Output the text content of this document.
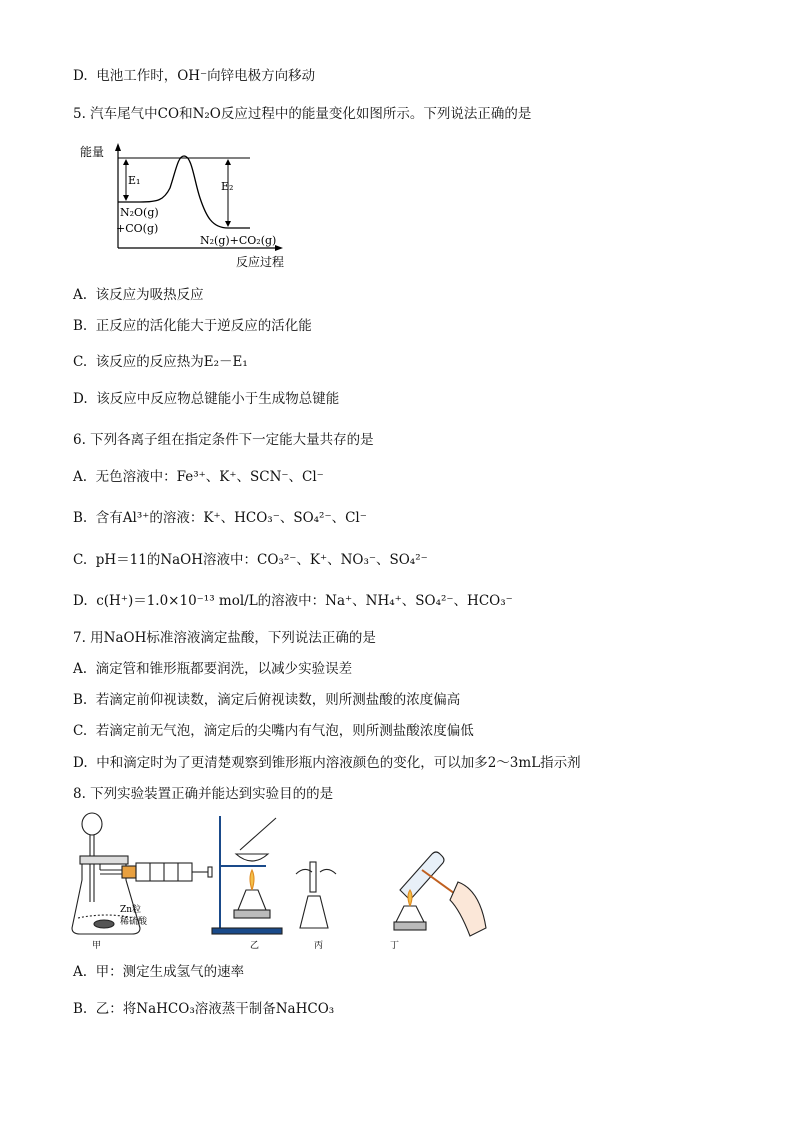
D.  电池工作时，OH⁻向锌电极方向移动
5. 汽车尾气中CO和N₂O反应过程中的能量变化如图所示。下列说法正确的是
能量
E₁	E₂
N₂O(g)
+CO(g)
N₂(g)+CO₂(g)
反应过程
A.  该反应为吸热反应
B.  正反应的活化能大于逆反应的活化能
C.  该反应的反应热为E₂－E₁
D.  该反应中反应物总键能小于生成物总键能
6. 下列各离子组在指定条件下一定能大量共存的是
A.  无色溶液中：Fe³⁺、K⁺、SCN⁻、Cl⁻
B.  含有Al³⁺的溶液：K⁺、HCO₃⁻、SO₄²⁻、Cl⁻
C.  pH＝11的NaOH溶液中：CO₃²⁻、K⁺、NO₃⁻、SO₄²⁻
D.  c(H⁺)＝1.0×10⁻¹³ mol/L的溶液中：Na⁺、NH₄⁺、SO₄²⁻、HCO₃⁻
7. 用NaOH标准溶液滴定盐酸，下列说法正确的是
A.  滴定管和锥形瓶都要润洗，以减少实验误差
B.  若滴定前仰视读数，滴定后俯视读数，则所测盐酸的浓度偏高
C.  若滴定前无气泡，滴定后的尖嘴内有气泡，则所测盐酸浓度偏低
D.  中和滴定时为了更清楚观察到锥形瓶内溶液颜色的变化，可以加多2～3mL指示剂
8. 下列实验装置正确并能达到实验目的的是
Zn粒
稀硫酸
甲	乙	丙	丁
A.  甲：测定生成氢气的速率
B.  乙：将NaHCO₃溶液蒸干制备NaHCO₃
